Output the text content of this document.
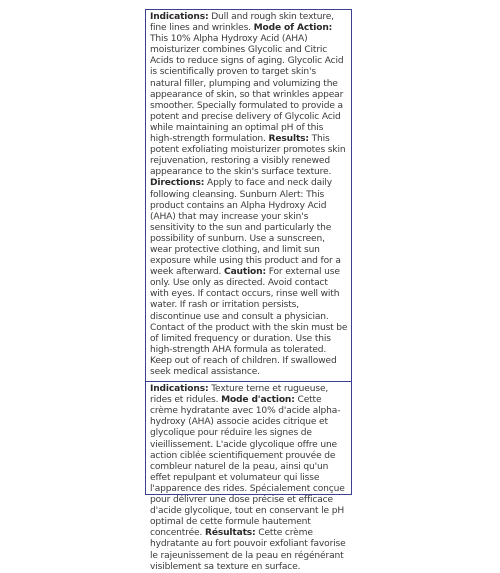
Indications: Dull and rough skin texture, fine lines and wrinkles. Mode of Action: This 10% Alpha Hydroxy Acid (AHA) moisturizer combines Glycolic and Citric Acids to reduce signs of aging. Glycolic Acid is scientifically proven to target skin's natural filler, plumping and volumizing the appearance of skin, so that wrinkles appear smoother. Specially formulated to provide a potent and precise delivery of Glycolic Acid while maintaining an optimal pH of this high-strength formulation. Results: This potent exfoliating moisturizer promotes skin rejuvenation, restoring a visibly renewed appearance to the skin's surface texture. Directions: Apply to face and neck daily following cleansing. Sunburn Alert: This product contains an Alpha Hydroxy Acid (AHA) that may increase your skin's sensitivity to the sun and particularly the possibility of sunburn. Use a sunscreen, wear protective clothing, and limit sun exposure while using this product and for a week afterward. Caution: For external use only. Use only as directed. Avoid contact with eyes. If contact occurs, rinse well with water. If rash or irritation persists, discontinue use and consult a physician. Contact of the product with the skin must be of limited frequency or duration. Use this high-strength AHA formula as tolerated. Keep out of reach of children. If swallowed seek medical assistance.

Indications: Texture terne et rugueuse, rides et ridules. Mode d'action: Cette crème hydratante avec 10% d'acide alpha-hydroxy (AHA) associe acides citrique et glycolique pour réduire les signes de vieillissement. L'acide glycolique offre une action ciblée scientifiquement prouvée de combleur naturel de la peau, ainsi qu'un effet repulpant et volumateur qui lisse l'apparence des rides. Spécialement conçue pour délivrer une dose précise et efficace d'acide glycolique, tout en conservant le pH optimal de cette formule hautement concentrée. Résultats: Cette crème hydratante au fort pouvoir exfoliant favorise le rajeunissement de la peau en régénérant visiblement sa texture en surface.
